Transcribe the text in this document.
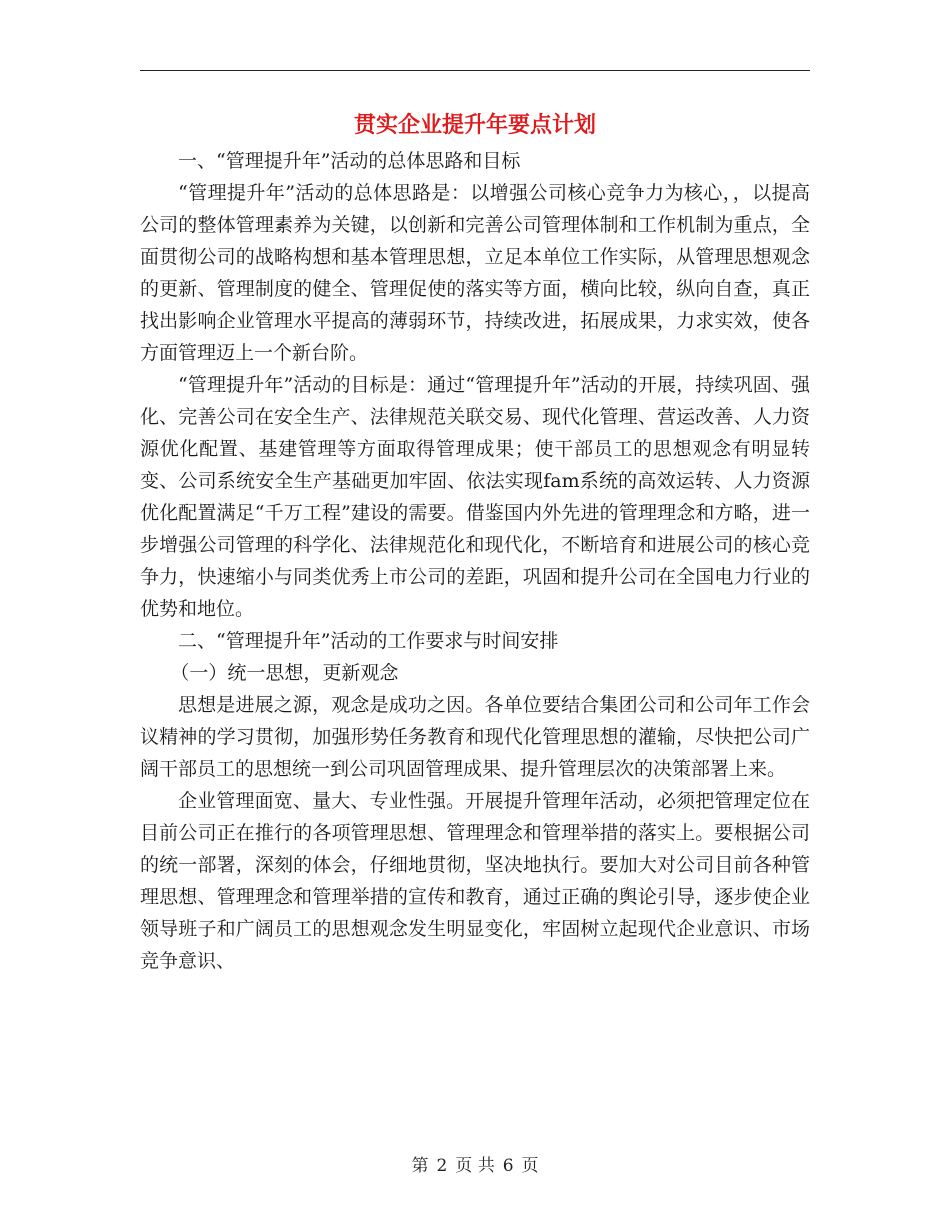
贯实企业提升年要点计划

一、“管理提升年”活动的总体思路和目标

“管理提升年”活动的总体思路是：以增强公司核心竞争力为核心，，以提高公司的整体管理素养为关键，以创新和完善公司管理体制和工作机制为重点，全面贯彻公司的战略构想和基本管理思想，立足本单位工作实际，从管理思想观念的更新、管理制度的健全、管理促使的落实等方面，横向比较，纵向自查，真正找出影响企业管理水平提高的薄弱环节，持续改进，拓展成果，力求实效，使各方面管理迈上一个新台阶。

“管理提升年”活动的目标是：通过“管理提升年”活动的开展，持续巩固、强化、完善公司在安全生产、法律规范关联交易、现代化管理、营运改善、人力资源优化配置、基建管理等方面取得管理成果；使干部员工的思想观念有明显转变、公司系统安全生产基础更加牢固、依法实现fam系统的高效运转、人力资源优化配置满足“千万工程”建设的需要。借鉴国内外先进的管理理念和方略，进一步增强公司管理的科学化、法律规范化和现代化，不断培育和进展公司的核心竞争力，快速缩小与同类优秀上市公司的差距，巩固和提升公司在全国电力行业的优势和地位。

二、“管理提升年”活动的工作要求与时间安排

（一）统一思想，更新观念

思想是进展之源，观念是成功之因。各单位要结合集团公司和公司年工作会议精神的学习贯彻，加强形势任务教育和现代化管理思想的灌输，尽快把公司广阔干部员工的思想统一到公司巩固管理成果、提升管理层次的决策部署上来。

企业管理面宽、量大、专业性强。开展提升管理年活动，必须把管理定位在目前公司正在推行的各项管理思想、管理理念和管理举措的落实上。要根据公司的统一部署，深刻的体会，仔细地贯彻，坚决地执行。要加大对公司目前各种管理思想、管理理念和管理举措的宣传和教育，通过正确的舆论引导，逐步使企业领导班子和广阔员工的思想观念发生明显变化，牢固树立起现代企业意识、市场竞争意识、

第 2 页 共 6 页
